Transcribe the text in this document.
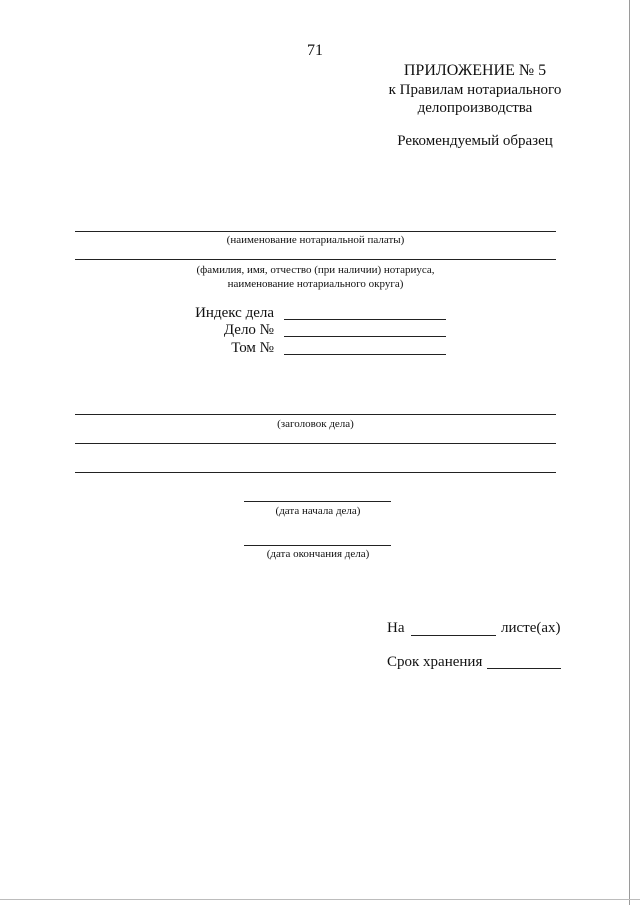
71
ПРИЛОЖЕНИЕ № 5
к Правилам нотариального
делопроизводства
Рекомендуемый образец
(наименование нотариальной палаты)
(фамилия, имя, отчество (при наличии) нотариуса,
наименование нотариального округа)
Индекс дела
Дело №
Том №
(заголовок дела)
(дата начала дела)
(дата окончания дела)
На	листе(ах)
Срок хранения
